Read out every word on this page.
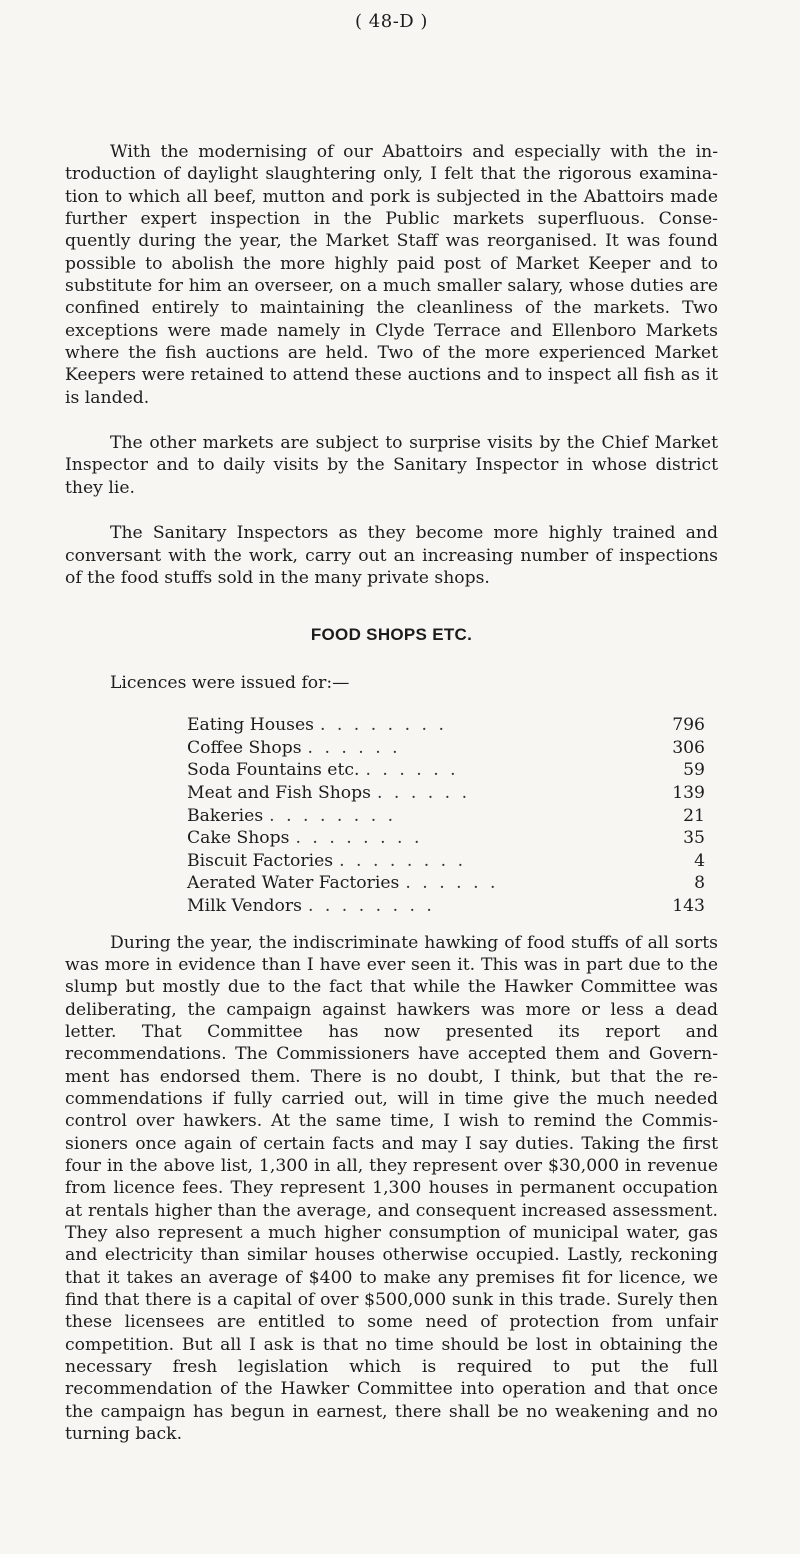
( 48-D )

With the modernising of our Abattoirs and especially with the in-troduction of daylight slaughtering only, I felt that the rigorous examina-tion to which all beef, mutton and pork is subjected in the Abattoirs made further expert inspection in the Public markets superfluous. Conse-quently during the year, the Market Staff was reorganised. It was found possible to abolish the more highly paid post of Market Keeper and to substitute for him an overseer, on a much smaller salary, whose duties are confined entirely to maintaining the cleanliness of the markets. Two exceptions were made namely in Clyde Terrace and Ellenboro Markets where the fish auctions are held. Two of the more experienced Market Keepers were retained to attend these auctions and to inspect all fish as it is landed.

The other markets are subject to surprise visits by the Chief Market Inspector and to daily visits by the Sanitary Inspector in whose district they lie.

The Sanitary Inspectors as they become more highly trained and conversant with the work, carry out an increasing number of inspections of the food stuffs sold in the many private shops.

FOOD SHOPS ETC.

Licences were issued for:—

Eating Houses . . . . . . . .	796
Coffee Shops . . . . . .	306
Soda Fountains etc. . . . . . .	59
Meat and Fish Shops . . . . . .	139
Bakeries . . . . . . . .	21
Cake Shops . . . . . . . .	35
Biscuit Factories . . . . . . . .	4
Aerated Water Factories . . . . . .	8
Milk Vendors . . . . . . . .	143

During the year, the indiscriminate hawking of food stuffs of all sorts was more in evidence than I have ever seen it. This was in part due to the slump but mostly due to the fact that while the Hawker Committee was deliberating, the campaign against hawkers was more or less a dead letter. That Committee has now presented its report and recommendations. The Commissioners have accepted them and Govern-ment has endorsed them. There is no doubt, I think, but that the re-commendations if fully carried out, will in time give the much needed control over hawkers. At the same time, I wish to remind the Commis-sioners once again of certain facts and may I say duties. Taking the first four in the above list, 1,300 in all, they represent over $30,000 in revenue from licence fees. They represent 1,300 houses in permanent occupation at rentals higher than the average, and consequent increased assessment. They also represent a much higher consumption of municipal water, gas and electricity than similar houses otherwise occupied. Lastly, reckoning that it takes an average of $400 to make any premises fit for licence, we find that there is a capital of over $500,000 sunk in this trade. Surely then these licensees are entitled to some need of protection from unfair competition. But all I ask is that no time should be lost in obtaining the necessary fresh legislation which is required to put the full recommendation of the Hawker Committee into operation and that once the campaign has begun in earnest, there shall be no weakening and no turning back.
